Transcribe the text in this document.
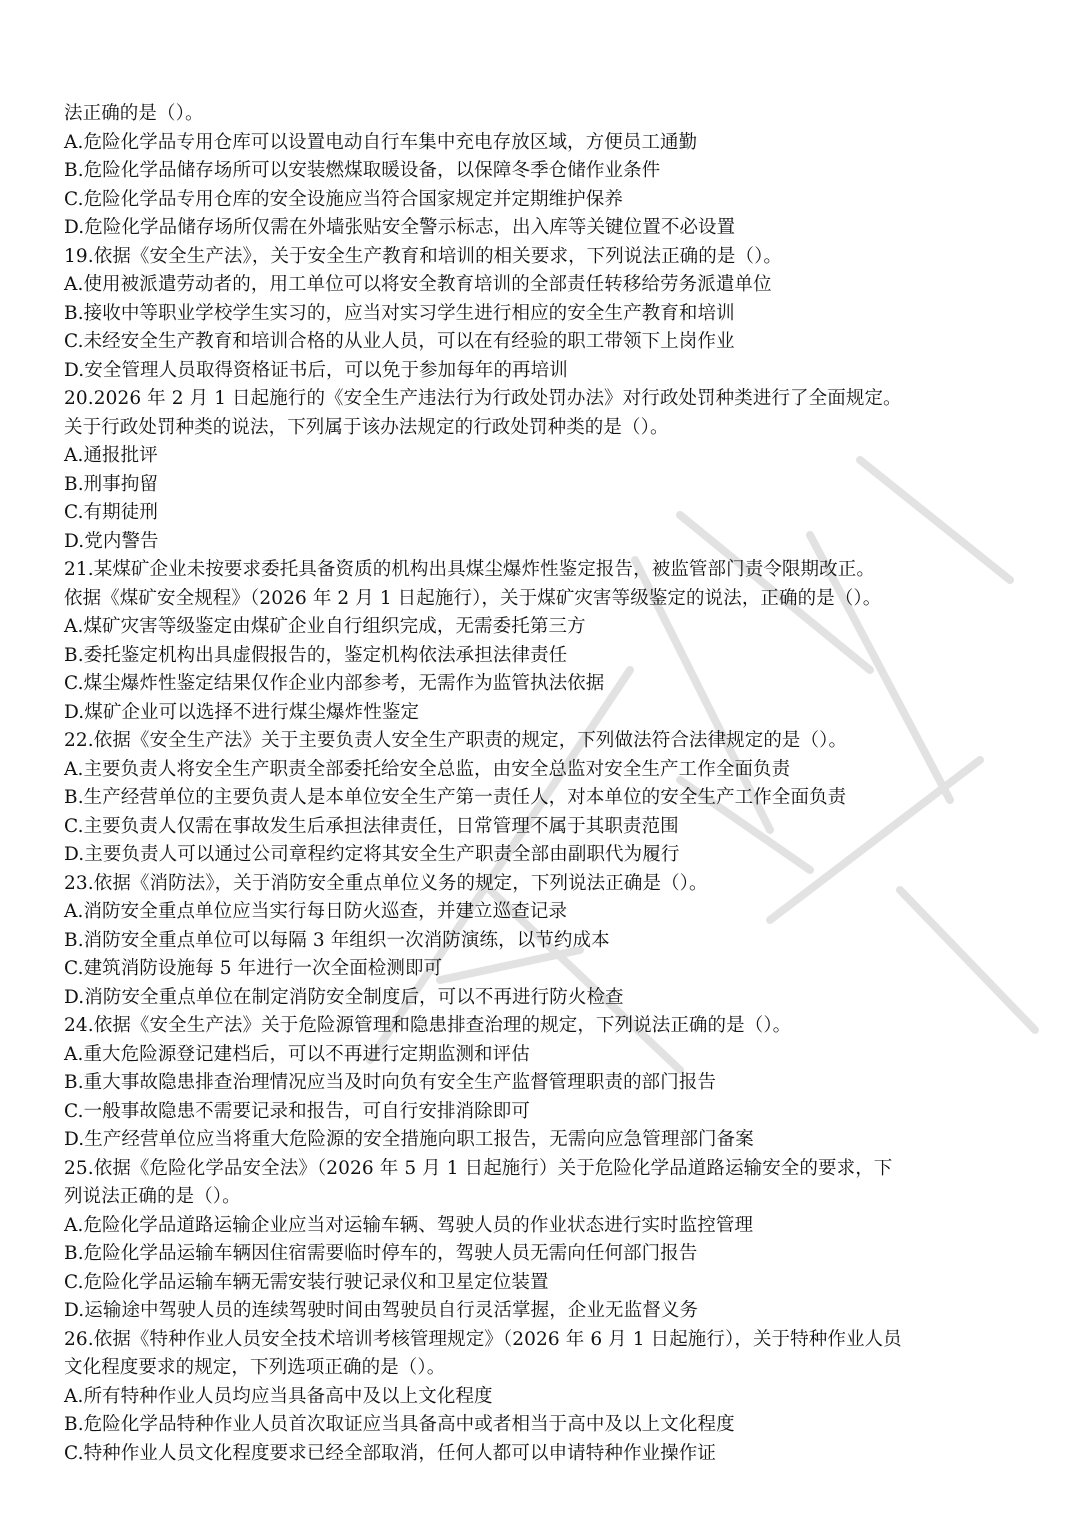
法正确的是（）。
A.危险化学品专用仓库可以设置电动自行车集中充电存放区域，方便员工通勤
B.危险化学品储存场所可以安装燃煤取暖设备，以保障冬季仓储作业条件
C.危险化学品专用仓库的安全设施应当符合国家规定并定期维护保养
D.危险化学品储存场所仅需在外墙张贴安全警示标志，出入库等关键位置不必设置
19.依据《安全生产法》，关于安全生产教育和培训的相关要求，下列说法正确的是（）。
A.使用被派遣劳动者的，用工单位可以将安全教育培训的全部责任转移给劳务派遣单位
B.接收中等职业学校学生实习的，应当对实习学生进行相应的安全生产教育和培训
C.未经安全生产教育和培训合格的从业人员，可以在有经验的职工带领下上岗作业
D.安全管理人员取得资格证书后，可以免于参加每年的再培训
20.2026 年 2 月 1 日起施行的《安全生产违法行为行政处罚办法》对行政处罚种类进行了全面规定。
关于行政处罚种类的说法，下列属于该办法规定的行政处罚种类的是（）。
A.通报批评
B.刑事拘留
C.有期徒刑
D.党内警告
21.某煤矿企业未按要求委托具备资质的机构出具煤尘爆炸性鉴定报告，被监管部门责令限期改正。
依据《煤矿安全规程》（2026 年 2 月 1 日起施行），关于煤矿灾害等级鉴定的说法，正确的是（）。
A.煤矿灾害等级鉴定由煤矿企业自行组织完成，无需委托第三方
B.委托鉴定机构出具虚假报告的，鉴定机构依法承担法律责任
C.煤尘爆炸性鉴定结果仅作企业内部参考，无需作为监管执法依据
D.煤矿企业可以选择不进行煤尘爆炸性鉴定
22.依据《安全生产法》关于主要负责人安全生产职责的规定，下列做法符合法律规定的是（）。
A.主要负责人将安全生产职责全部委托给安全总监，由安全总监对安全生产工作全面负责
B.生产经营单位的主要负责人是本单位安全生产第一责任人，对本单位的安全生产工作全面负责
C.主要负责人仅需在事故发生后承担法律责任，日常管理不属于其职责范围
D.主要负责人可以通过公司章程约定将其安全生产职责全部由副职代为履行
23.依据《消防法》，关于消防安全重点单位义务的规定，下列说法正确是（）。
A.消防安全重点单位应当实行每日防火巡查，并建立巡查记录
B.消防安全重点单位可以每隔 3 年组织一次消防演练，以节约成本
C.建筑消防设施每 5 年进行一次全面检测即可
D.消防安全重点单位在制定消防安全制度后，可以不再进行防火检查
24.依据《安全生产法》关于危险源管理和隐患排查治理的规定，下列说法正确的是（）。
A.重大危险源登记建档后，可以不再进行定期监测和评估
B.重大事故隐患排查治理情况应当及时向负有安全生产监督管理职责的部门报告
C.一般事故隐患不需要记录和报告，可自行安排消除即可
D.生产经营单位应当将重大危险源的安全措施向职工报告，无需向应急管理部门备案
25.依据《危险化学品安全法》（2026 年 5 月 1 日起施行）关于危险化学品道路运输安全的要求，下
列说法正确的是（）。
A.危险化学品道路运输企业应当对运输车辆、驾驶人员的作业状态进行实时监控管理
B.危险化学品运输车辆因住宿需要临时停车的，驾驶人员无需向任何部门报告
C.危险化学品运输车辆无需安装行驶记录仪和卫星定位装置
D.运输途中驾驶人员的连续驾驶时间由驾驶员自行灵活掌握，企业无监督义务
26.依据《特种作业人员安全技术培训考核管理规定》（2026 年 6 月 1 日起施行），关于特种作业人员
文化程度要求的规定，下列选项正确的是（）。
A.所有特种作业人员均应当具备高中及以上文化程度
B.危险化学品特种作业人员首次取证应当具备高中或者相当于高中及以上文化程度
C.特种作业人员文化程度要求已经全部取消，任何人都可以申请特种作业操作证
